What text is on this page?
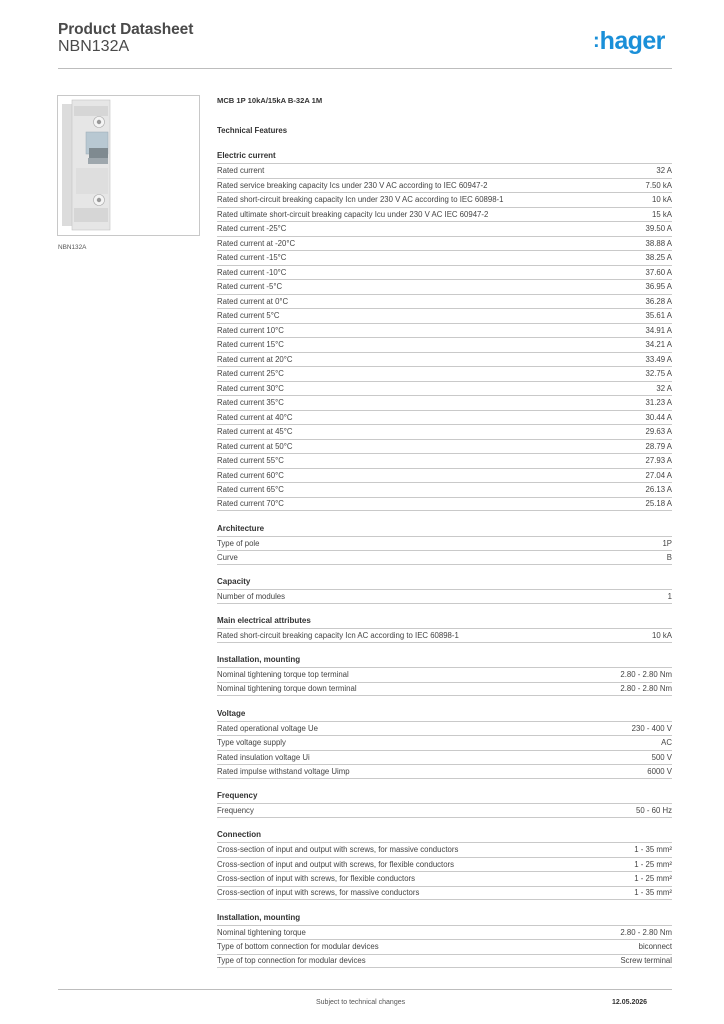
Product Datasheet
NBN132A	:hager
NBN132A
MCB 1P 10kA/15kA B-32A 1M
Technical Features
Electric current
Rated current	32 A
Rated service breaking capacity Ics under 230 V AC according to IEC 60947-2	7.50 kA
Rated short-circuit breaking capacity Icn under 230 V AC according to IEC 60898-1	10 kA
Rated ultimate short-circuit breaking capacity Icu under 230 V AC IEC 60947-2	15 kA
Rated current -25°C	39.50 A
Rated current at -20°C	38.88 A
Rated current -15°C	38.25 A
Rated current -10°C	37.60 A
Rated current -5°C	36.95 A
Rated current at 0°C	36.28 A
Rated current 5°C	35.61 A
Rated current 10°C	34.91 A
Rated current 15°C	34.21 A
Rated current at 20°C	33.49 A
Rated current 25°C	32.75 A
Rated current 30°C	32 A
Rated current 35°C	31.23 A
Rated current at 40°C	30.44 A
Rated current at 45°C	29.63 A
Rated current at 50°C	28.79 A
Rated current 55°C	27.93 A
Rated current 60°C	27.04 A
Rated current 65°C	26.13 A
Rated current 70°C	25.18 A
Architecture
Type of pole	1P
Curve	B
Capacity
Number of modules	1
Main electrical attributes
Rated short-circuit breaking capacity Icn AC according to IEC 60898-1	10 kA
Installation, mounting
Nominal tightening torque top terminal	2.80 - 2.80 Nm
Nominal tightening torque down terminal	2.80 - 2.80 Nm
Voltage
Rated operational voltage Ue	230 - 400 V
Type voltage supply	AC
Rated insulation voltage Ui	500 V
Rated impulse withstand voltage Uimp	6000 V
Frequency
Frequency	50 - 60 Hz
Connection
Cross-section of input and output with screws, for massive conductors	1 - 35 mm²
Cross-section of input and output with screws, for flexible conductors	1 - 25 mm²
Cross-section of input with screws, for flexible conductors	1 - 25 mm²
Cross-section of input with screws, for massive conductors	1 - 35 mm²
Installation, mounting
Nominal tightening torque	2.80 - 2.80 Nm
Type of bottom connection for modular devices	biconnect
Type of top connection for modular devices	Screw terminal
Subject to technical changes	12.05.2026
